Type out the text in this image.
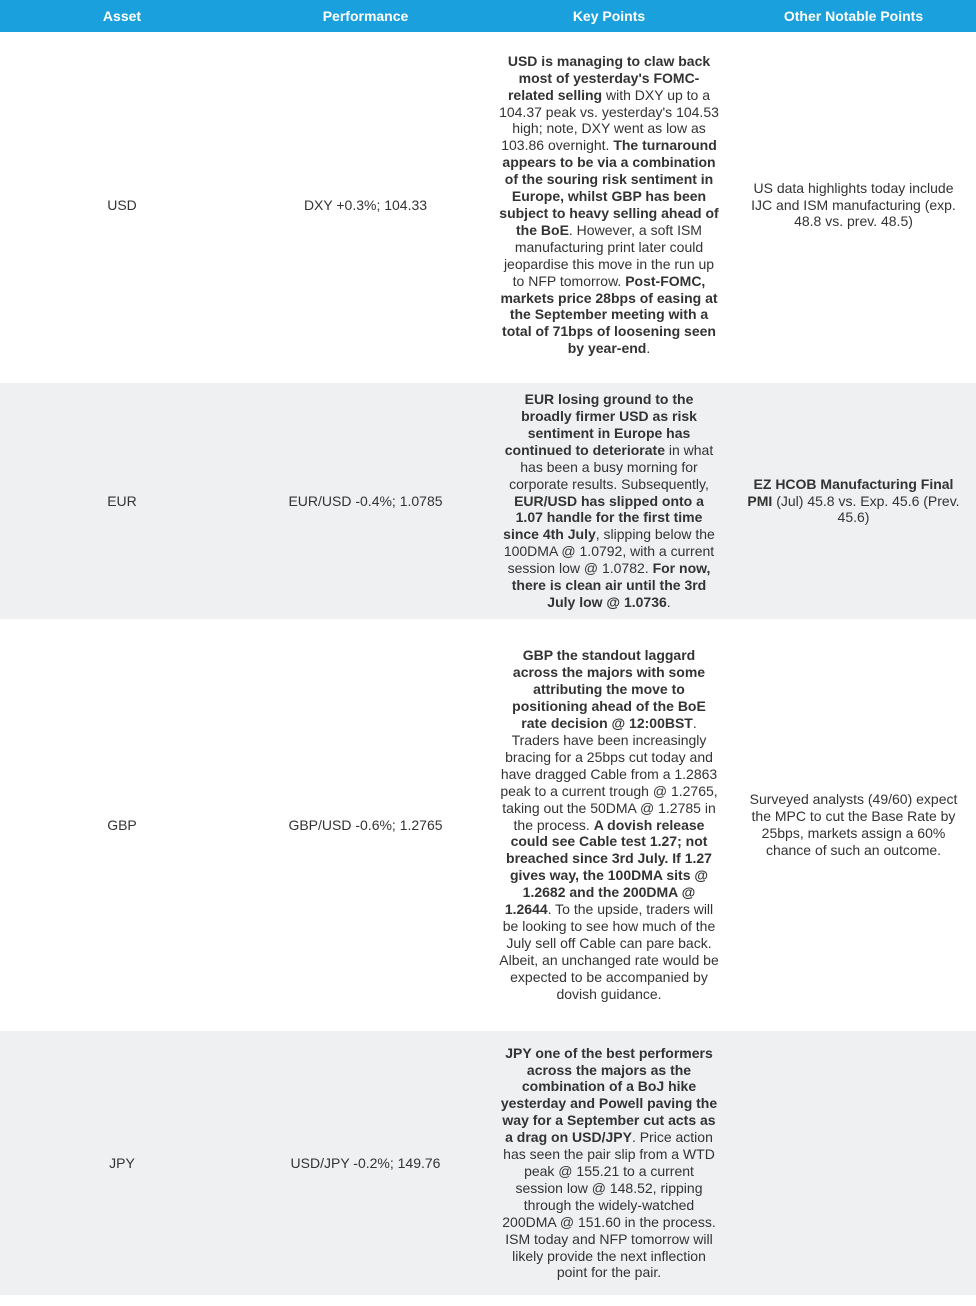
Asset	Performance	Key Points	Other Notable Points
USD	DXY +0.3%; 104.33	USD is managing to claw back most of yesterday's FOMC-related selling with DXY up to a 104.37 peak vs. yesterday's 104.53 high; note, DXY went as low as 103.86 overnight. The turnaround appears to be via a combination of the souring risk sentiment in Europe, whilst GBP has been subject to heavy selling ahead of the BoE. However, a soft ISM manufacturing print later could jeopardise this move in the run up to NFP tomorrow. Post-FOMC, markets price 28bps of easing at the September meeting with a total of 71bps of loosening seen by year-end.	US data highlights today include IJC and ISM manufacturing (exp. 48.8 vs. prev. 48.5)

EUR	EUR/USD -0.4%; 1.0785	EUR losing ground to the broadly firmer USD as risk sentiment in Europe has continued to deteriorate in what has been a busy morning for corporate results. Subsequently, EUR/USD has slipped onto a 1.07 handle for the first time since 4th July, slipping below the 100DMA @ 1.0792, with a current session low @ 1.0782. For now, there is clean air until the 3rd July low @ 1.0736.	EZ HCOB Manufacturing Final PMI (Jul) 45.8 vs. Exp. 45.6 (Prev. 45.6)

GBP	GBP/USD -0.6%; 1.2765	GBP the standout laggard across the majors with some attributing the move to positioning ahead of the BoE rate decision @ 12:00BST. Traders have been increasingly bracing for a 25bps cut today and have dragged Cable from a 1.2863 peak to a current trough @ 1.2765, taking out the 50DMA @ 1.2785 in the process. A dovish release could see Cable test 1.27; not breached since 3rd July. If 1.27 gives way, the 100DMA sits @ 1.2682 and the 200DMA @ 1.2644. To the upside, traders will be looking to see how much of the July sell off Cable can pare back. Albeit, an unchanged rate would be expected to be accompanied by dovish guidance.	Surveyed analysts (49/60) expect the MPC to cut the Base Rate by 25bps, markets assign a 60% chance of such an outcome.

JPY	USD/JPY -0.2%; 149.76	JPY one of the best performers across the majors as the combination of a BoJ hike yesterday and Powell paving the way for a September cut acts as a drag on USD/JPY. Price action has seen the pair slip from a WTD peak @ 155.21 to a current session low @ 148.52, ripping through the widely-watched 200DMA @ 151.60 in the process. ISM today and NFP tomorrow will likely provide the next inflection point for the pair.	
